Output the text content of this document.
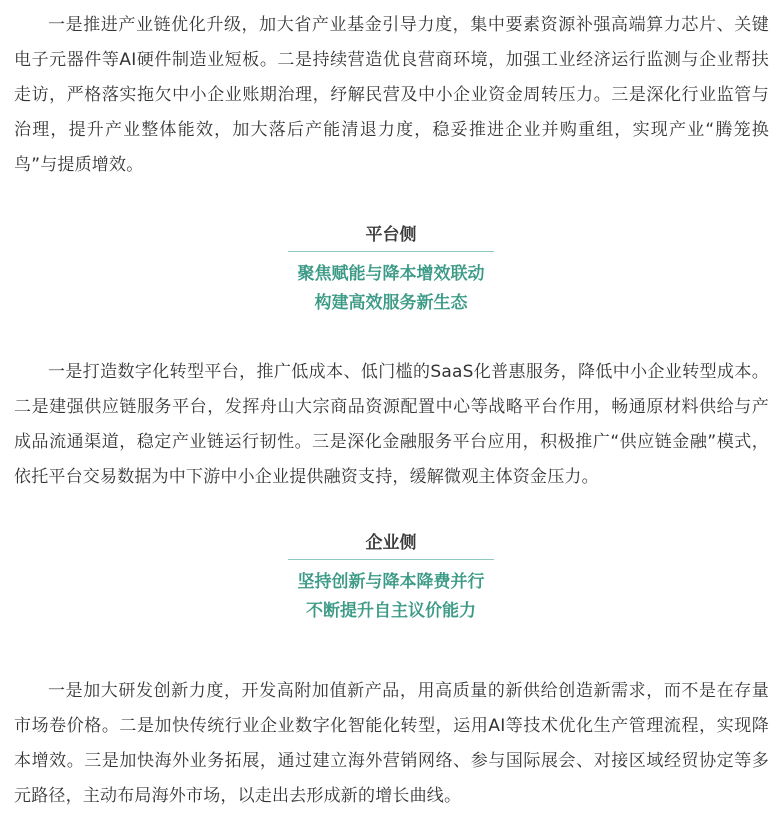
一是推进产业链优化升级，加大省产业基金引导力度，集中要素资源补强高端算力芯片、关键电子元器件等AI硬件制造业短板。二是持续营造优良营商环境，加强工业经济运行监测与企业帮扶走访，严格落实拖欠中小企业账期治理，纾解民营及中小企业资金周转压力。三是深化行业监管与治理，提升产业整体能效，加大落后产能清退力度，稳妥推进企业并购重组，实现产业“腾笼换鸟”与提质增效。

平台侧
聚焦赋能与降本增效联动
构建高效服务新生态

一是打造数字化转型平台，推广低成本、低门槛的SaaS化普惠服务，降低中小企业转型成本。二是建强供应链服务平台，发挥舟山大宗商品资源配置中心等战略平台作用，畅通原材料供给与产成品流通渠道，稳定产业链运行韧性。三是深化金融服务平台应用，积极推广“供应链金融”模式，依托平台交易数据为中下游中小企业提供融资支持，缓解微观主体资金压力。

企业侧
坚持创新与降本降费并行
不断提升自主议价能力

一是加大研发创新力度，开发高附加值新产品，用高质量的新供给创造新需求，而不是在存量市场卷价格。二是加快传统行业企业数字化智能化转型，运用AI等技术优化生产管理流程，实现降本增效。三是加快海外业务拓展，通过建立海外营销网络、参与国际展会、对接区域经贸协定等多元路径，主动布局海外市场，以走出去形成新的增长曲线。
